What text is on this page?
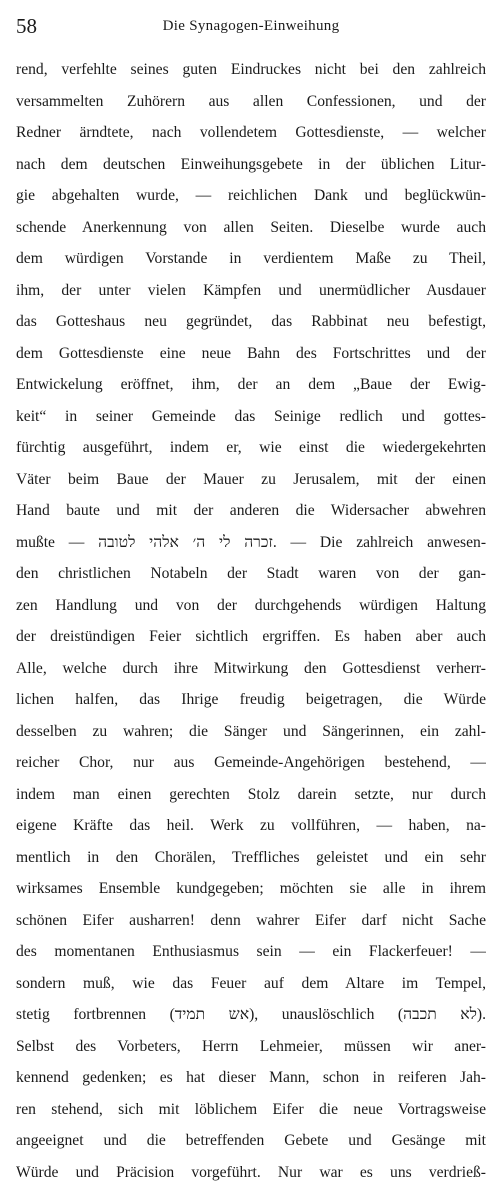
58	Die Synagogen-Einweihung
rend, verfehlte seines guten Eindruckes nicht bei den zahlreich
versammelten Zuhörern aus allen Confessionen, und der
Redner ärndtete, nach vollendetem Gottesdienste, — welcher
nach dem deutschen Einweihungsgebete in der üblichen Litur-
gie abgehalten wurde, — reichlichen Dank und beglückwün-
schende Anerkennung von allen Seiten. Dieselbe wurde auch
dem würdigen Vorstande in verdientem Maße zu Theil,
ihm, der unter vielen Kämpfen und unermüdlicher Ausdauer
das Gotteshaus neu gegründet, das Rabbinat neu befestigt,
dem Gottesdienste eine neue Bahn des Fortschrittes und der
Entwickelung eröffnet, ihm, der an dem „Baue der Ewig-
keit“ in seiner Gemeinde das Seinige redlich und gottes-
fürchtig ausgeführt, indem er, wie einst die wiedergekehrten
Väter beim Baue der Mauer zu Jerusalem, mit der einen
Hand baute und mit der anderen die Widersacher abwehren
mußte — זכרה לי ה׳ אלהי לטובה. — Die zahlreich anwesen-
den christlichen Notabeln der Stadt waren von der gan-
zen Handlung und von der durchgehends würdigen Haltung
der dreistündigen Feier sichtlich ergriffen. Es haben aber auch
Alle, welche durch ihre Mitwirkung den Gottesdienst verherr-
lichen halfen, das Ihrige freudig beigetragen, die Würde
desselben zu wahren; die Sänger und Sängerinnen, ein zahl-
reicher Chor, nur aus Gemeinde-Angehörigen bestehend, —
indem man einen gerechten Stolz darein setzte, nur durch
eigene Kräfte das heil. Werk zu vollführen, — haben, na-
mentlich in den Chorälen, Treffliches geleistet und ein sehr
wirksames Ensemble kundgegeben; möchten sie alle in ihrem
schönen Eifer ausharren! denn wahrer Eifer darf nicht Sache
des momentanen Enthusiasmus sein — ein Flackerfeuer! —
sondern muß, wie das Feuer auf dem Altare im Tempel,
stetig fortbrennen (אש תמיד), unauslöschlich (לא תכבה).
Selbst des Vorbeters, Herrn Lehmeier, müssen wir aner-
kennend gedenken; es hat dieser Mann, schon in reiferen Jah-
ren stehend, sich mit löblichem Eifer die neue Vortragsweise
angeeignet und die betreffenden Gebete und Gesänge mit
Würde und Präcision vorgeführt. Nur war es uns verdrieß-
